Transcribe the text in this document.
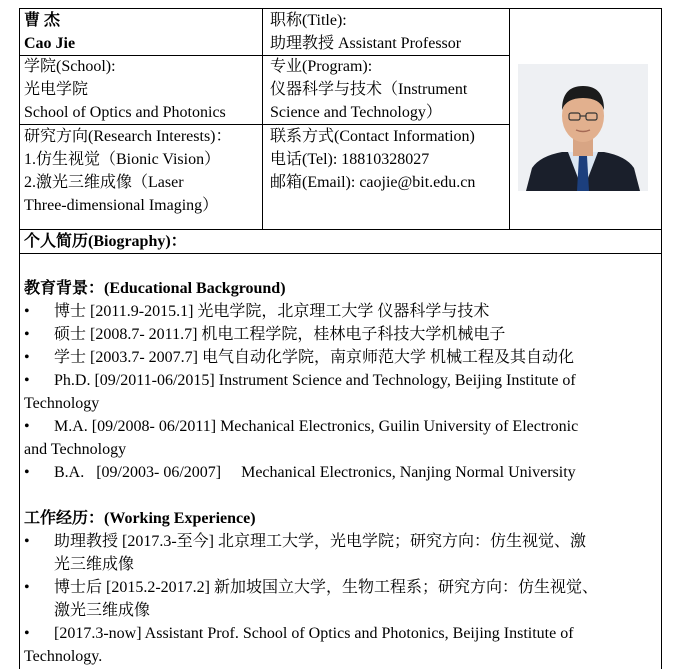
曹 杰
Cao Jie
职称(Title):
助理教授 Assistant Professor
学院(School):
光电学院
School of Optics and Photonics
专业(Program):
仪器科学与技术（Instrument
Science and Technology）
研究方向(Research Interests)：
1.仿生视觉（Bionic Vision）
2.激光三维成像（Laser
Three-dimensional Imaging）
联系方式(Contact Information)
电话(Tel): 18810328027
邮箱(Email): caojie@bit.edu.cn
个人简历(Biography)：
教育背景：(Educational Background)
• 博士 [2011.9-2015.1] 光电学院，北京理工大学 仪器科学与技术
• 硕士 [2008.7- 2011.7] 机电工程学院，桂林电子科技大学机械电子
• 学士 [2003.7- 2007.7] 电气自动化学院，南京师范大学 机械工程及其自动化
• Ph.D. [09/2011-06/2015] Instrument Science and Technology, Beijing Institute of
Technology
• M.A. [09/2008- 06/2011] Mechanical Electronics, Guilin University of Electronic
and Technology
• B.A.   [09/2003- 06/2007]     Mechanical Electronics, Nanjing Normal University
工作经历：(Working Experience)
• 助理教授 [2017.3-至今] 北京理工大学，光电学院；研究方向：仿生视觉、激
光三维成像
• 博士后 [2015.2-2017.2] 新加坡国立大学，生物工程系；研究方向：仿生视觉、
激光三维成像
• [2017.3-now] Assistant Prof. School of Optics and Photonics, Beijing Institute of
Technology.
